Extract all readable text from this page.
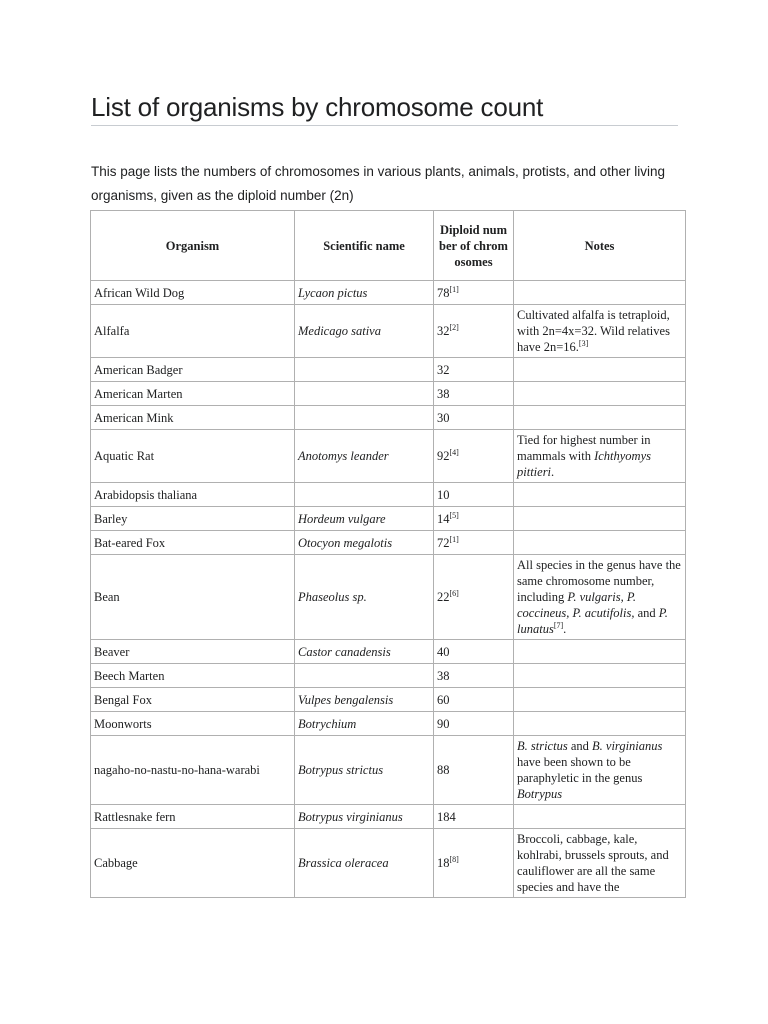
List of organisms by chromosome count

This page lists the numbers of chromosomes in various plants, animals, protists, and other living organisms, given as the diploid number (2n)

Organism	Scientific name	Diploid number of chromosomes	Notes
African Wild Dog	Lycaon pictus	78[1]	
Alfalfa	Medicago sativa	32[2]	Cultivated alfalfa is tetraploid, with 2n=4x=32. Wild relatives have 2n=16.[3]
American Badger		32	
American Marten		38	
American Mink		30	
Aquatic Rat	Anotomys leander	92[4]	Tied for highest number in mammals with Ichthyomys pittieri.
Arabidopsis thaliana		10	
Barley	Hordeum vulgare	14[5]	
Bat-eared Fox	Otocyon megalotis	72[1]	
Bean	Phaseolus sp.	22[6]	All species in the genus have the same chromosome number, including P. vulgaris, P. coccineus, P. acutifolis, and P. lunatus[7].
Beaver	Castor canadensis	40	
Beech Marten		38	
Bengal Fox	Vulpes bengalensis	60	
Moonworts	Botrychium	90	
nagaho-no-nastu-no-hana-warabi	Botrypus strictus	88	B. strictus and B. virginianus have been shown to be paraphyletic in the genus Botrypus
Rattlesnake fern	Botrypus virginianus	184	
Cabbage	Brassica oleracea	18[8]	Broccoli, cabbage, kale, kohlrabi, brussels sprouts, and cauliflower are all the same species and have the
